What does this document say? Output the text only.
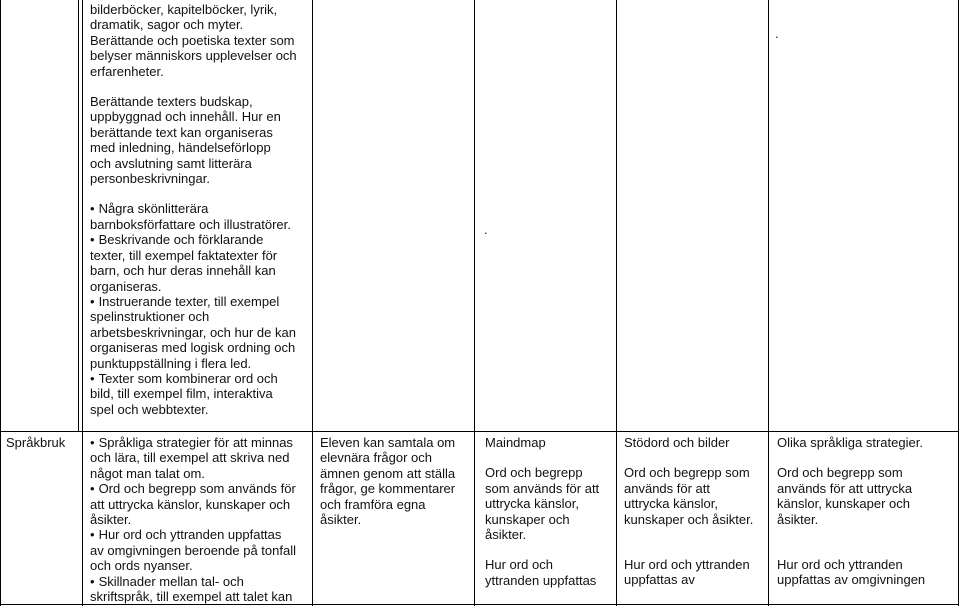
bilderböcker, kapitelböcker, lyrik,
dramatik, sagor och myter.
Berättande och poetiska texter som
belyser människors upplevelser och
erfarenheter.

Berättande texters budskap,
uppbyggnad och innehåll. Hur en
berättande text kan organiseras
med inledning, händelseförlopp
och avslutning samt litterära
personbeskrivningar.

• Några skönlitterära
barnboksförfattare och illustratörer.

• Beskrivande och förklarande
texter, till exempel faktatexter för
barn, och hur deras innehåll kan
organiseras.

• Instruerande texter, till exempel
spelinstruktioner och
arbetsbeskrivningar, och hur de kan
organiseras med logisk ordning och
punktuppställning i flera led.

• Texter som kombinerar ord och
bild, till exempel film, interaktiva
spel och webbtexter.

.
.
Språkbruk

•	Språkliga strategier för att minnas
och lära, till exempel att skriva ned
något man talat om.

• Ord och begrepp som används för
att uttrycka känslor, kunskaper och
åsikter.

• Hur ord och yttranden uppfattas
av omgivningen beroende på tonfall
och ords nyanser.

• Skillnader mellan tal- och
skriftspråk, till exempel att talet kan

Eleven kan samtala om
elevnära frågor och
ämnen genom att ställa
frågor, ge kommentarer
och framföra egna
åsikter.

Maindmap

Ord och begrepp
som används för att
uttrycka känslor,
kunskaper och
åsikter.

Hur ord och
yttranden uppfattas

Stödord och bilder

Ord och begrepp som
används för att
uttrycka känslor,
kunskaper och åsikter.

Hur ord och yttranden
uppfattas av

Olika språkliga strategier.

Ord och begrepp som
används för att uttrycka
känslor, kunskaper och
åsikter.

Hur ord och yttranden
uppfattas av omgivningen
